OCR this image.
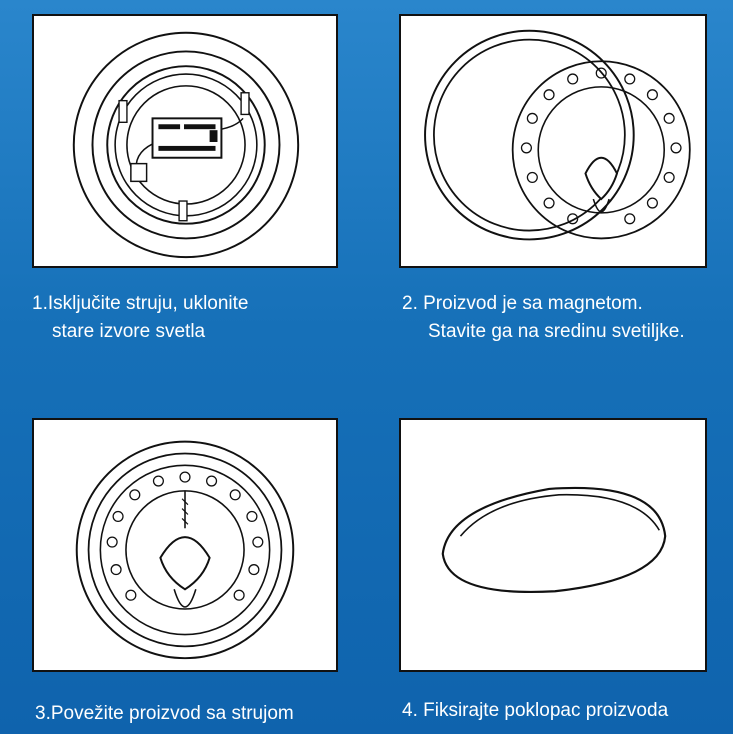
1.Isključite struju, uklonite
stare izvore svetla
2. Proizvod je sa magnetom.
Stavite ga na sredinu svetiljke.
3.Povežite proizvod sa strujom	4. Fiksirajte poklopac proizvoda
